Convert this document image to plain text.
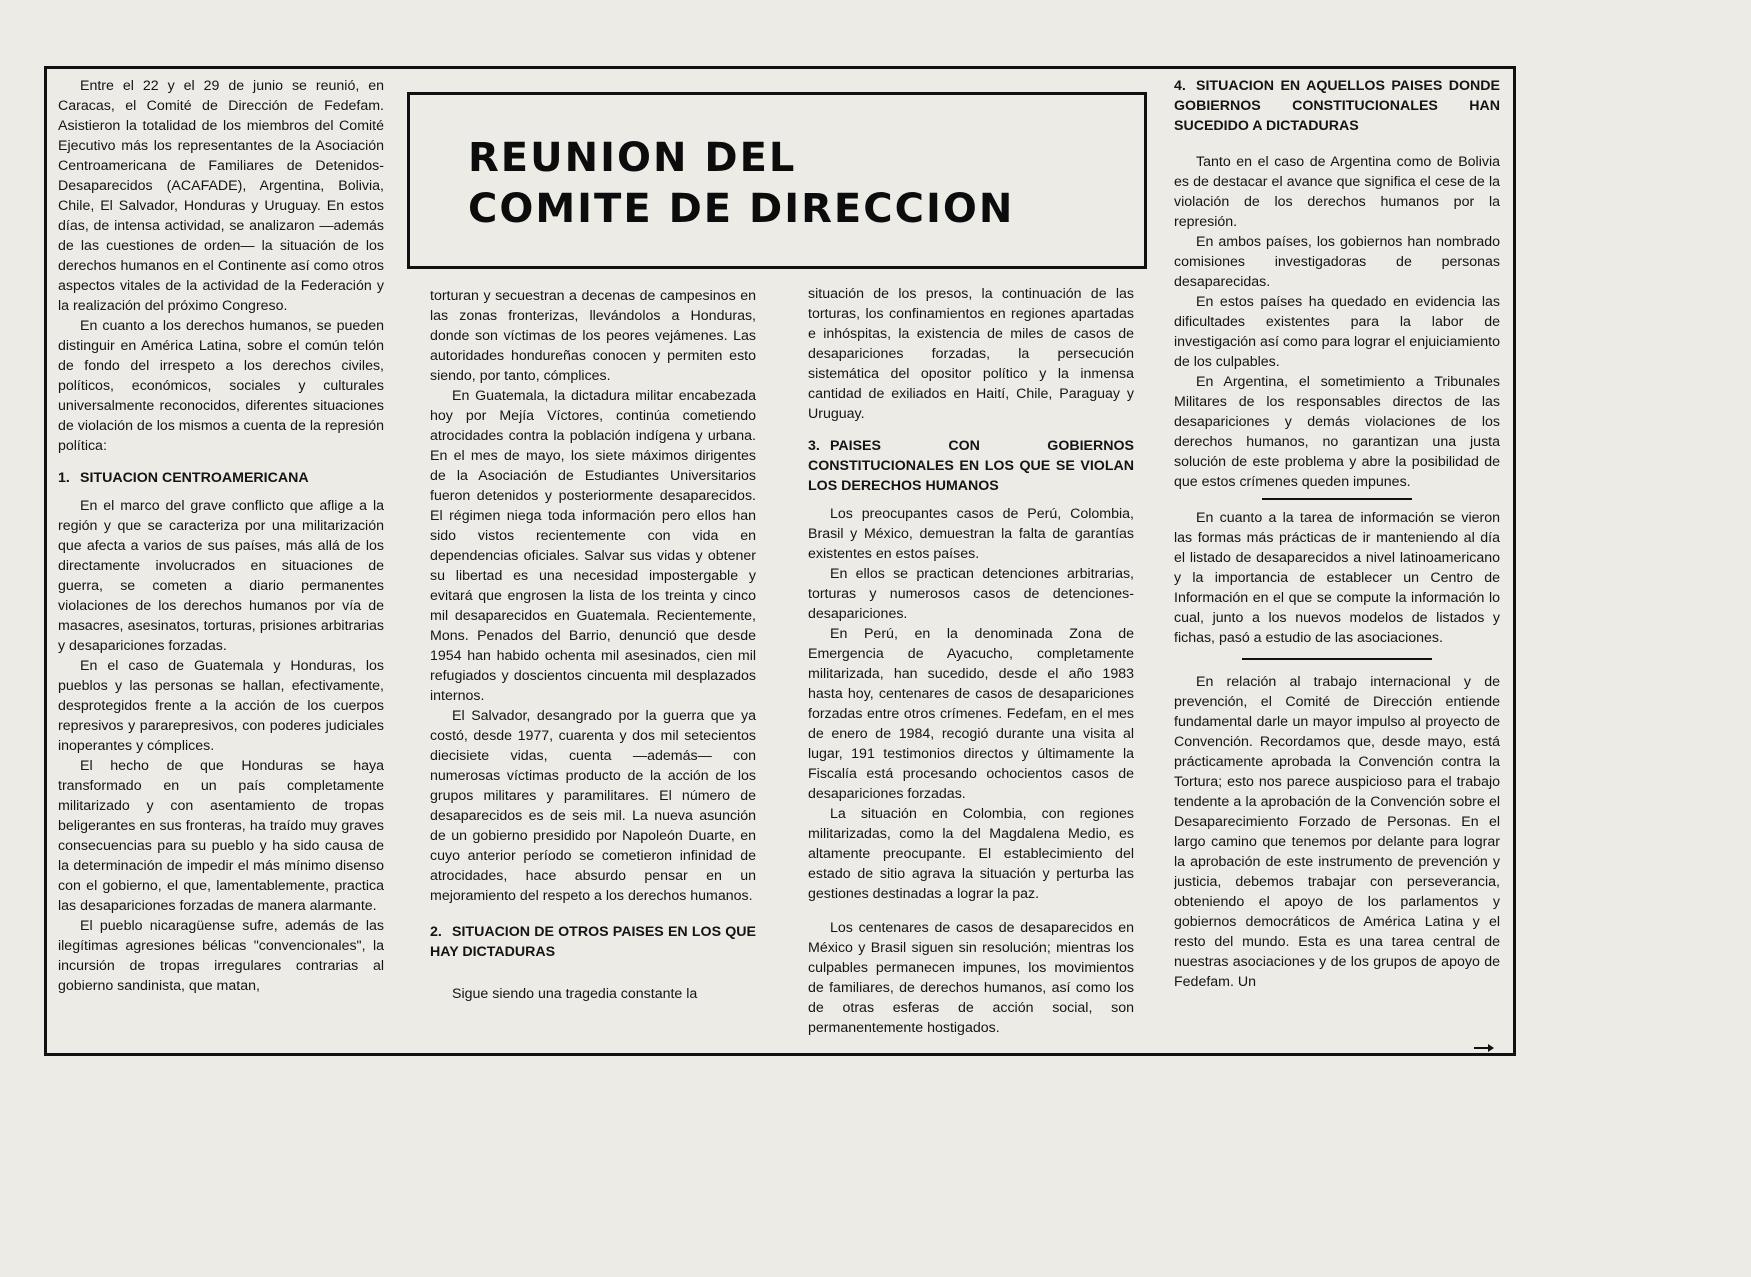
Entre el 22 y el 29 de junio se reunió, en Caracas, el Comité de Dirección de Fedefam. Asistieron la totalidad de los miembros del Comité Ejecutivo más los representantes de la Asociación Centroamericana de Familiares de Detenidos-Desaparecidos (ACAFADE), Argentina, Bolivia, Chile, El Salvador, Honduras y Uruguay. En estos días, de intensa actividad, se analizaron —además de las cuestiones de orden— la situación de los derechos humanos en el Continente así como otros aspectos vitales de la actividad de la Federación y la realización del próximo Congreso.

En cuanto a los derechos humanos, se pueden distinguir en América Latina, sobre el común telón de fondo del irrespeto a los derechos civiles, políticos, económicos, sociales y culturales universalmente reconocidos, diferentes situaciones de violación de los mismos a cuenta de la represión política:

1. SITUACION CENTROAMERICANA

En el marco del grave conflicto que aflige a la región y que se caracteriza por una militarización que afecta a varios de sus países, más allá de los directamente involucrados en situaciones de guerra, se cometen a diario permanentes violaciones de los derechos humanos por vía de masacres, asesinatos, torturas, prisiones arbitrarias y desapariciones forzadas.

En el caso de Guatemala y Honduras, los pueblos y las personas se hallan, efectivamente, desprotegidos frente a la acción de los cuerpos represivos y pararepresivos, con poderes judiciales inoperantes y cómplices.

El hecho de que Honduras se haya transformado en un país completamente militarizado y con asentamiento de tropas beligerantes en sus fronteras, ha traído muy graves consecuencias para su pueblo y ha sido causa de la determinación de impedir el más mínimo disenso con el gobierno, el que, lamentablemente, practica las desapariciones forzadas de manera alarmante.

El pueblo nicaragüense sufre, además de las ilegítimas agresiones bélicas "convencionales", la incursión de tropas irregulares contrarias al gobierno sandinista, que matan,

REUNION DEL
COMITE DE DIRECCION

torturan y secuestran a decenas de campesinos en las zonas fronterizas, llevándolos a Honduras, donde son víctimas de los peores vejámenes. Las autoridades hondureñas conocen y permiten esto siendo, por tanto, cómplices.

En Guatemala, la dictadura militar encabezada hoy por Mejía Víctores, continúa cometiendo atrocidades contra la población indígena y urbana. En el mes de mayo, los siete máximos dirigentes de la Asociación de Estudiantes Universitarios fueron detenidos y posteriormente desaparecidos. El régimen niega toda información pero ellos han sido vistos recientemente con vida en dependencias oficiales. Salvar sus vidas y obtener su libertad es una necesidad impostergable y evitará que engrosen la lista de los treinta y cinco mil desaparecidos en Guatemala. Recientemente, Mons. Penados del Barrio, denunció que desde 1954 han habido ochenta mil asesinados, cien mil refugiados y doscientos cincuenta mil desplazados internos.

El Salvador, desangrado por la guerra que ya costó, desde 1977, cuarenta y dos mil setecientos diecisiete vidas, cuenta —además— con numerosas víctimas producto de la acción de los grupos militares y paramilitares. El número de desaparecidos es de seis mil. La nueva asunción de un gobierno presidido por Napoleón Duarte, en cuyo anterior período se cometieron infinidad de atrocidades, hace absurdo pensar en un mejoramiento del respeto a los derechos humanos.

2. SITUACION DE OTROS PAISES EN LOS QUE HAY DICTADURAS

Sigue siendo una tragedia constante la

situación de los presos, la continuación de las torturas, los confinamientos en regiones apartadas e inhóspitas, la existencia de miles de casos de desapariciones forzadas, la persecución sistemática del opositor político y la inmensa cantidad de exiliados en Haití, Chile, Paraguay y Uruguay.

3. PAISES CON GOBIERNOS CONSTITUCIONALES EN LOS QUE SE VIOLAN LOS DERECHOS HUMANOS

Los preocupantes casos de Perú, Colombia, Brasil y México, demuestran la falta de garantías existentes en estos países.

En ellos se practican detenciones arbitrarias, torturas y numerosos casos de detenciones-desapariciones.

En Perú, en la denominada Zona de Emergencia de Ayacucho, completamente militarizada, han sucedido, desde el año 1983 hasta hoy, centenares de casos de desapariciones forzadas entre otros crímenes. Fedefam, en el mes de enero de 1984, recogió durante una visita al lugar, 191 testimonios directos y últimamente la Fiscalía está procesando ochocientos casos de desapariciones forzadas.

La situación en Colombia, con regiones militarizadas, como la del Magdalena Medio, es altamente preocupante. El establecimiento del estado de sitio agrava la situación y perturba las gestiones destinadas a lograr la paz.

Los centenares de casos de desaparecidos en México y Brasil siguen sin resolución; mientras los culpables permanecen impunes, los movimientos de familiares, de derechos humanos, así como los de otras esferas de acción social, son permanentemente hostigados.

4. SITUACION EN AQUELLOS PAISES DONDE GOBIERNOS CONSTITUCIONALES HAN SUCEDIDO A DICTADURAS

Tanto en el caso de Argentina como de Bolivia es de destacar el avance que significa el cese de la violación de los derechos humanos por la represión.

En ambos países, los gobiernos han nombrado comisiones investigadoras de personas desaparecidas.

En estos países ha quedado en evidencia las dificultades existentes para la labor de investigación así como para lograr el enjuiciamiento de los culpables.

En Argentina, el sometimiento a Tribunales Militares de los responsables directos de las desapariciones y demás violaciones de los derechos humanos, no garantizan una justa solución de este problema y abre la posibilidad de que estos crímenes queden impunes.

En cuanto a la tarea de información se vieron las formas más prácticas de ir manteniendo al día el listado de desaparecidos a nivel latinoamericano y la importancia de establecer un Centro de Información en el que se compute la información lo cual, junto a los nuevos modelos de listados y fichas, pasó a estudio de las asociaciones.

En relación al trabajo internacional y de prevención, el Comité de Dirección entiende fundamental darle un mayor impulso al proyecto de Convención. Recordamos que, desde mayo, está prácticamente aprobada la Convención contra la Tortura; esto nos parece auspicioso para el trabajo tendente a la aprobación de la Convención sobre el Desaparecimiento Forzado de Personas. En el largo camino que tenemos por delante para lograr la aprobación de este instrumento de prevención y justicia, debemos trabajar con perseverancia, obteniendo el apoyo de los parlamentos y gobiernos democráticos de América Latina y el resto del mundo. Esta es una tarea central de nuestras asociaciones y de los grupos de apoyo de Fedefam. Un
